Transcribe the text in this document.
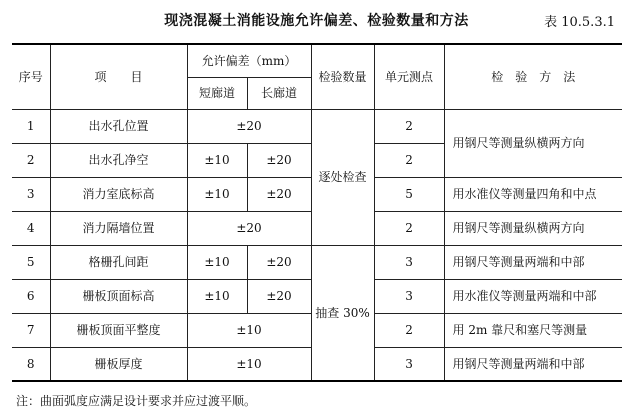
现浇混凝土消能设施允许偏差、检验数量和方法	表 10.5.3.1
序号	项　　目	允许偏差（mm）		检验数量	单元测点	检　验　方　法
		短廊道	长廊道			
1	出水孔位置	±20		逐处检查	2	用钢尺等测量纵横两方向
2	出水孔净空	±10	±20		2	
3	消力室底标高	±10	±20		5	用水准仪等测量四角和中点
4	消力隔墙位置	±20			2	用钢尺等测量纵横两方向
5	格栅孔间距	±10	±20	抽查 30%	3	用钢尺等测量两端和中部
6	栅板顶面标高	±10	±20		3	用水准仪等测量两端和中部
7	栅板顶面平整度	±10			2	用 2m 靠尺和塞尺等测量
8	栅板厚度	±10			3	用钢尺等测量两端和中部
注：曲面弧度应满足设计要求并应过渡平顺。
